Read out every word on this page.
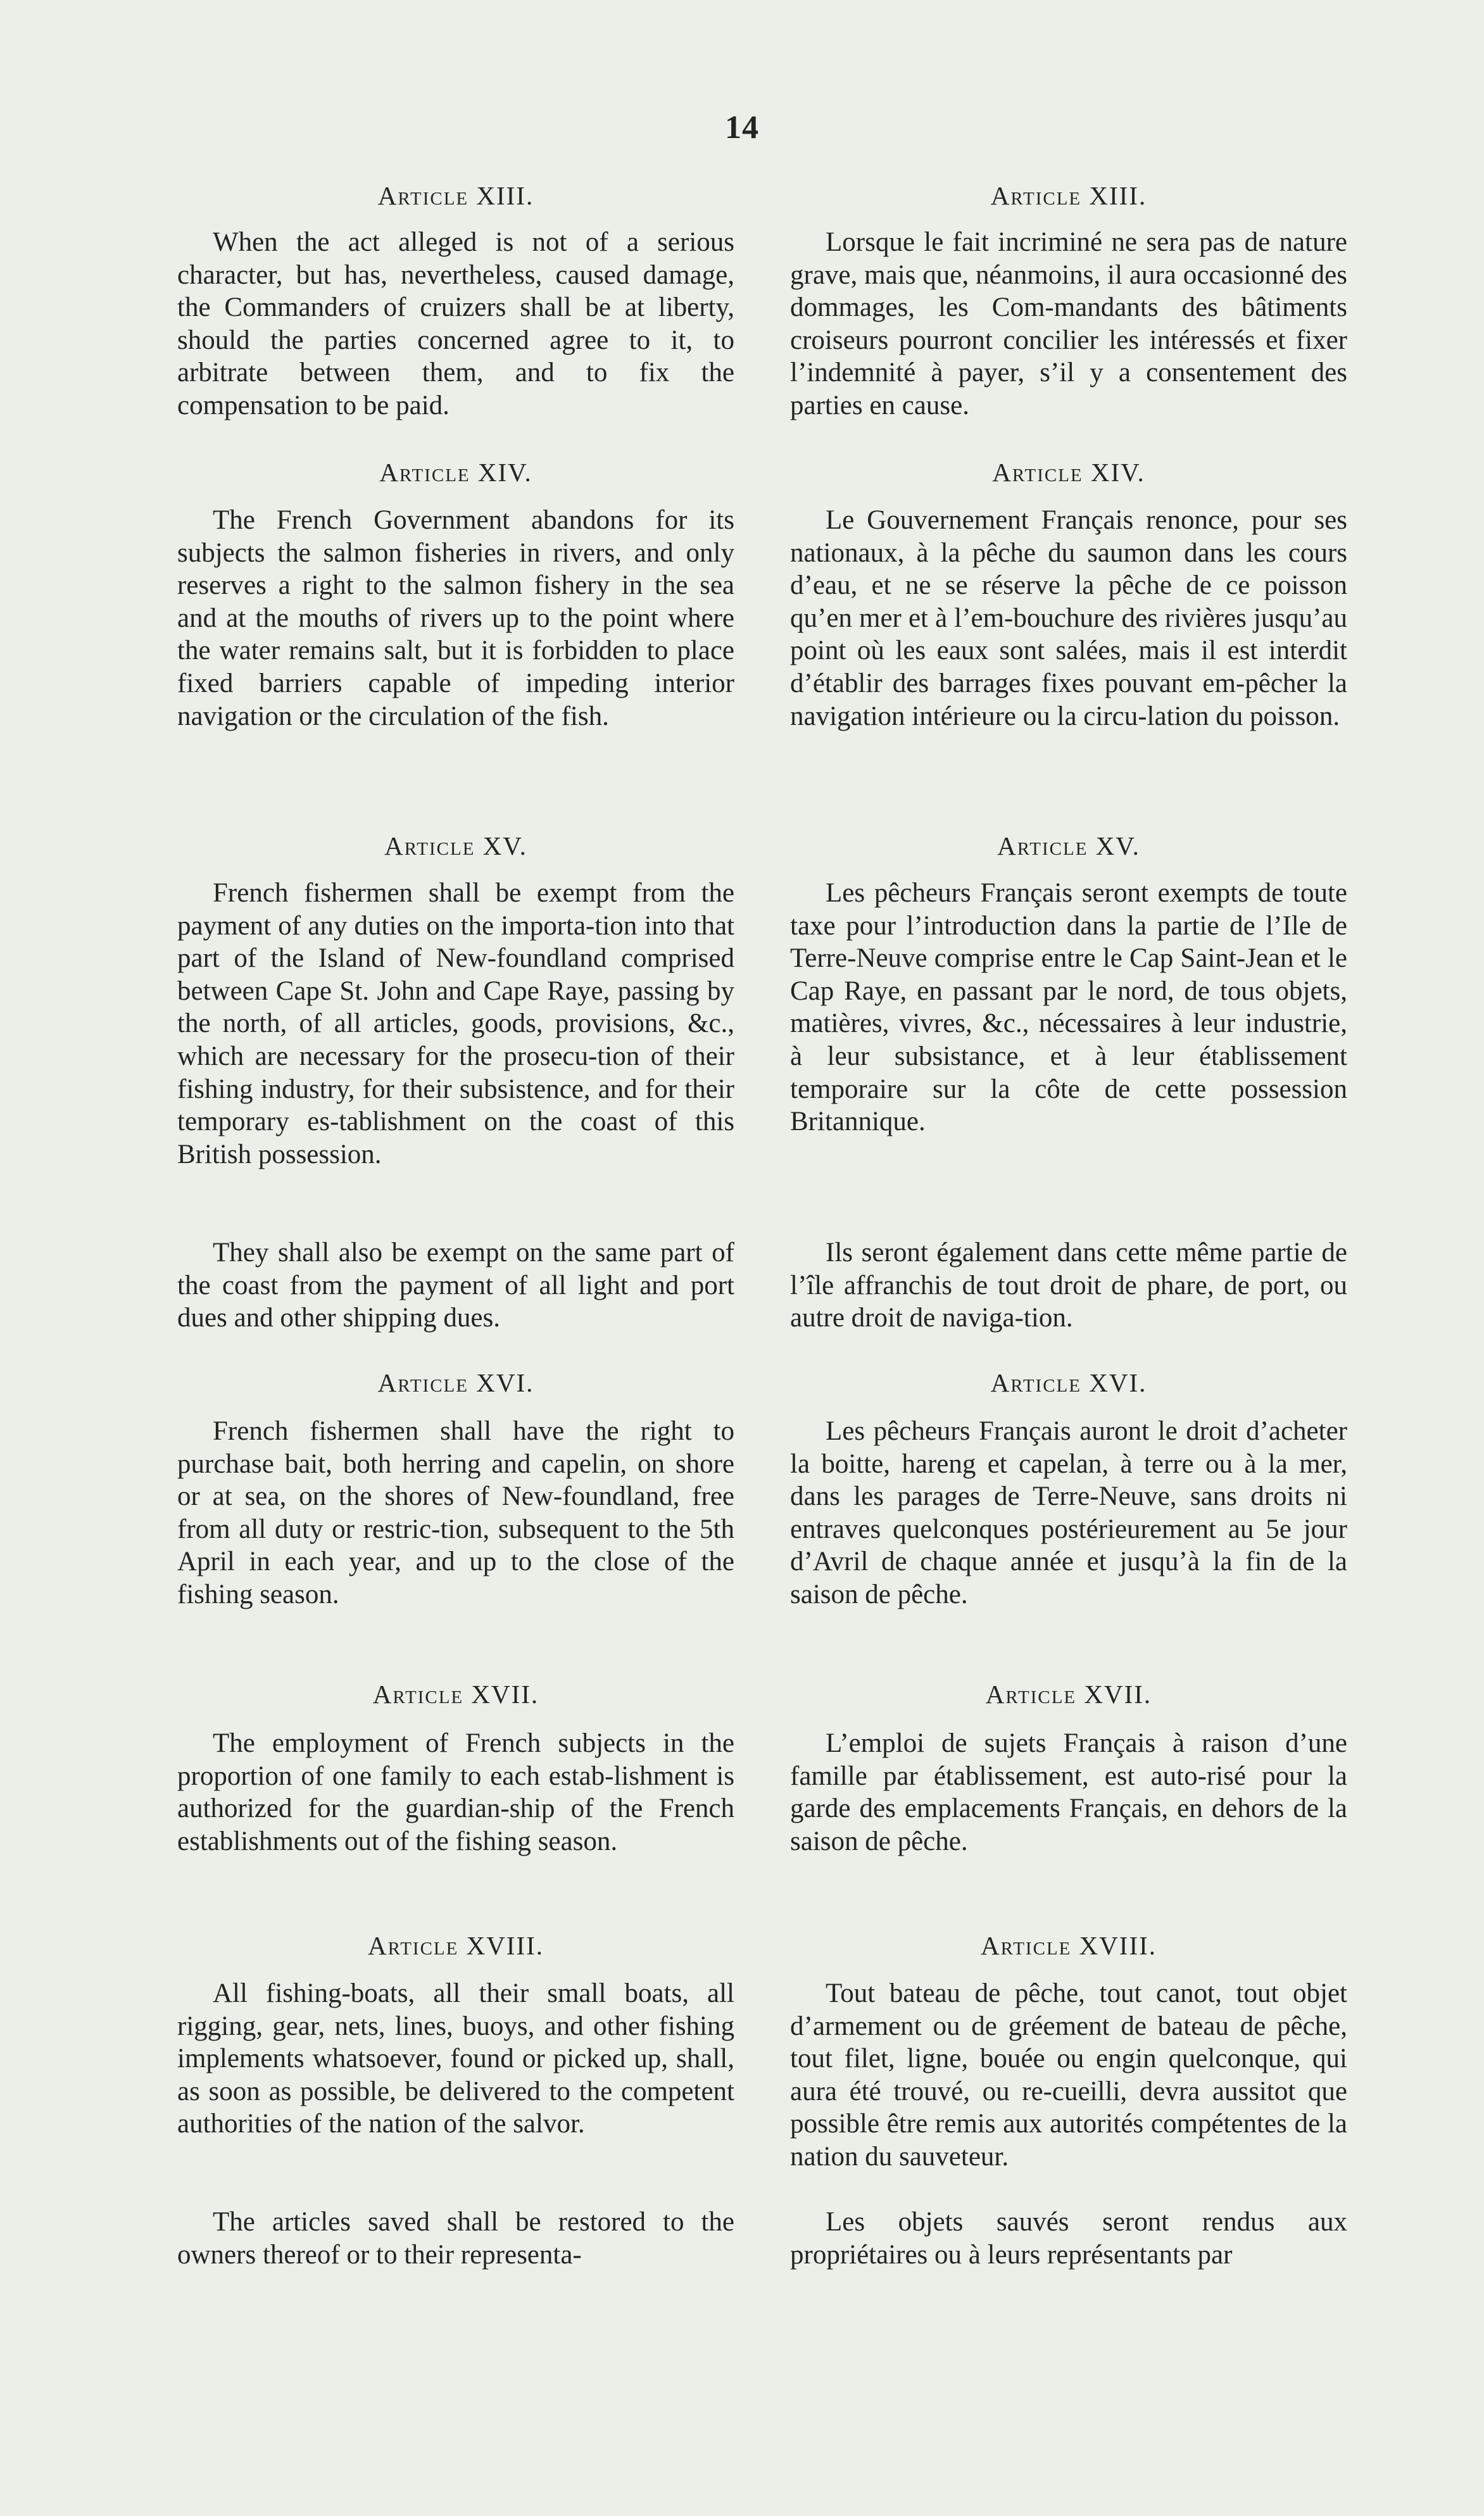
14
Article XIII.
When the act alleged is not of a serious character, but has, nevertheless, caused damage, the Commanders of cruizers shall be at liberty, should the parties concerned agree to it, to arbitrate between them, and to fix the compensation to be paid.
Article XIV.
The French Government abandons for its subjects the salmon fisheries in rivers, and only reserves a right to the salmon fishery in the sea and at the mouths of rivers up to the point where the water remains salt, but it is forbidden to place fixed barriers capable of impeding interior navigation or the circulation of the fish.
Article XV.
French fishermen shall be exempt from the payment of any duties on the importa-tion into that part of the Island of New-foundland comprised between Cape St. John and Cape Raye, passing by the north, of all articles, goods, provisions, &c., which are necessary for the prosecu-tion of their fishing industry, for their subsistence, and for their temporary es-tablishment on the coast of this British possession.
They shall also be exempt on the same part of the coast from the payment of all light and port dues and other shipping dues.
Article XVI.
French fishermen shall have the right to purchase bait, both herring and capelin, on shore or at sea, on the shores of New-foundland, free from all duty or restric-tion, subsequent to the 5th April in each year, and up to the close of the fishing season.
Article XVII.
The employment of French subjects in the proportion of one family to each estab-lishment is authorized for the guardian-ship of the French establishments out of the fishing season.
Article XVIII.
All fishing-boats, all their small boats, all rigging, gear, nets, lines, buoys, and other fishing implements whatsoever, found or picked up, shall, as soon as possible, be delivered to the competent authorities of the nation of the salvor.
The articles saved shall be restored to the owners thereof or to their representa-
Article XIII.
Lorsque le fait incriminé ne sera pas de nature grave, mais que, néanmoins, il aura occasionné des dommages, les Com-mandants des bâtiments croiseurs pourront concilier les intéressés et fixer l’indemnité à payer, s’il y a consentement des parties en cause.
Article XIV.
Le Gouvernement Français renonce, pour ses nationaux, à la pêche du saumon dans les cours d’eau, et ne se réserve la pêche de ce poisson qu’en mer et à l’em-bouchure des rivières jusqu’au point où les eaux sont salées, mais il est interdit d’établir des barrages fixes pouvant em-pêcher la navigation intérieure ou la circu-lation du poisson.
Article XV.
Les pêcheurs Français seront exempts de toute taxe pour l’introduction dans la partie de l’Ile de Terre-Neuve comprise entre le Cap Saint-Jean et le Cap Raye, en passant par le nord, de tous objets, matières, vivres, &c., nécessaires à leur industrie, à leur subsistance, et à leur établissement temporaire sur la côte de cette possession Britannique.
Ils seront également dans cette même partie de l’île affranchis de tout droit de phare, de port, ou autre droit de naviga-tion.
Article XVI.
Les pêcheurs Français auront le droit d’acheter la boitte, hareng et capelan, à terre ou à la mer, dans les parages de Terre-Neuve, sans droits ni entraves quelconques postérieurement au 5e jour d’Avril de chaque année et jusqu’à la fin de la saison de pêche.
Article XVII.
L’emploi de sujets Français à raison d’une famille par établissement, est auto-risé pour la garde des emplacements Français, en dehors de la saison de pêche.
Article XVIII.
Tout bateau de pêche, tout canot, tout objet d’armement ou de gréement de bateau de pêche, tout filet, ligne, bouée ou engin quelconque, qui aura été trouvé, ou re-cueilli, devra aussitot que possible être remis aux autorités compétentes de la nation du sauveteur.
Les objets sauvés seront rendus aux propriétaires ou à leurs représentants par
